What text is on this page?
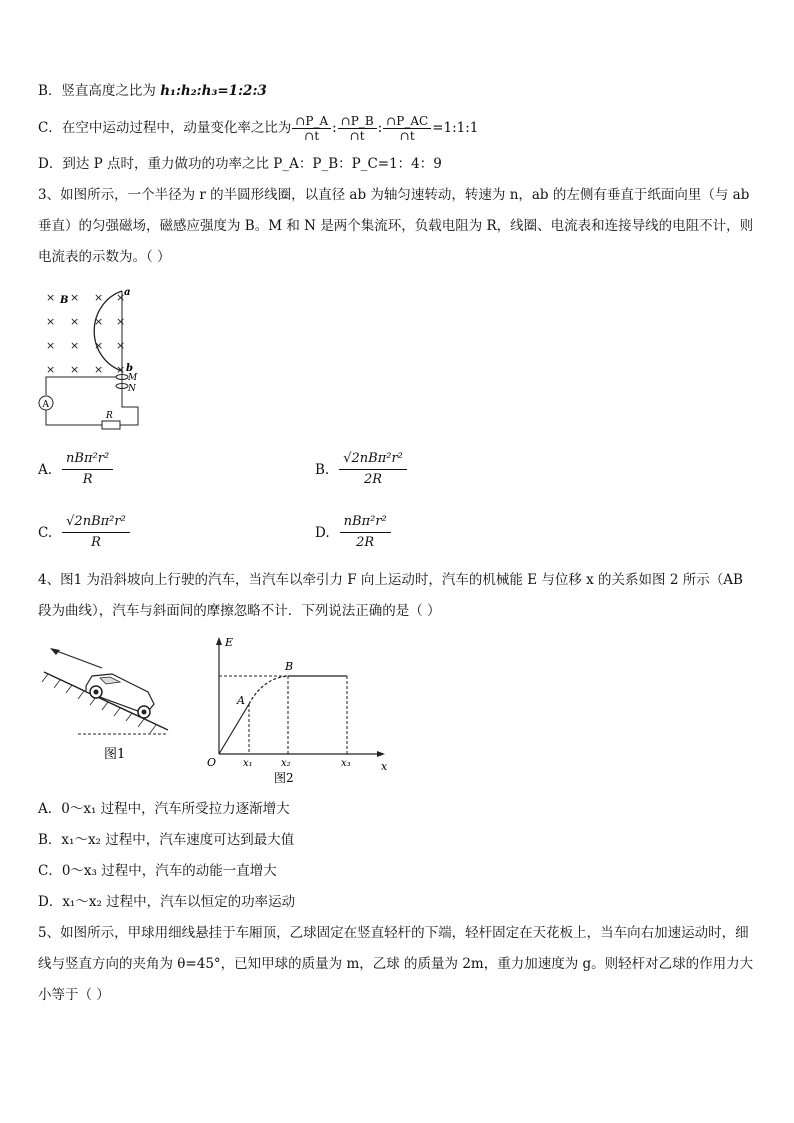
B．竖直高度之比为 h₁:h₂:h₃=1:2:3
C．在空中运动过程中，动量变化率之比为 $\frac{\cap P\_A}{\cap t}$ : $\frac{\cap P\_B}{\cap t}$ : $\frac{\cap P\_AC}{\cap t}$ =1:1:1
D．到达 P 点时，重力做功的功率之比 P_A：P_B：P_C=1：4：9
3、如图所示，一个半径为 r 的半圆形线圈，以直径 ab 为轴匀速转动，转速为 n，ab 的左侧有垂直于纸面向里（与 ab 垂直）的匀强磁场，磁感应强度为 B。M 和 N 是两个集流环，负载电阻为 R，线圈、电流表和连接导线的电阻不计，则电流表的示数为。（ ）
× × × ×
× × × ×
× × × ×
× × × ×
a
B
b
M
N
A
R
A. $\frac{\text{nBπ²r²}}{R}$	B. $\frac{\text{√2nBπ²r²}}{2R}$
C. $\frac{\text{√2nBπ²r²}}{R}$	D. $\frac{\text{nBπ²r²}}{2R}$
4、图1 为沿斜坡向上行驶的汽车，当汽车以牵引力 F 向上运动时，汽车的机械能 E 与位移 x 的关系如图 2 所示（AB 段为曲线），汽车与斜面间的摩擦忽略不计．下列说法正确的是（ ）
图1
E
x
O
A
B
x₁	x₂	x₃
图2
A．0～x₁ 过程中，汽车所受拉力逐渐增大
B．x₁～x₂ 过程中，汽车速度可达到最大值
C．0～x₃ 过程中，汽车的动能一直增大
D．x₁～x₂ 过程中，汽车以恒定的功率运动
5、如图所示，甲球用细线悬挂于车厢顶，乙球固定在竖直轻杆的下端，轻杆固定在天花板上，当车向右加速运动时，细线与竖直方向的夹角为 θ=45°，已知甲球的质量为 m，乙球 的质量为 2m，重力加速度为 g。则轻杆对乙球的作用力大小等于（ ）
